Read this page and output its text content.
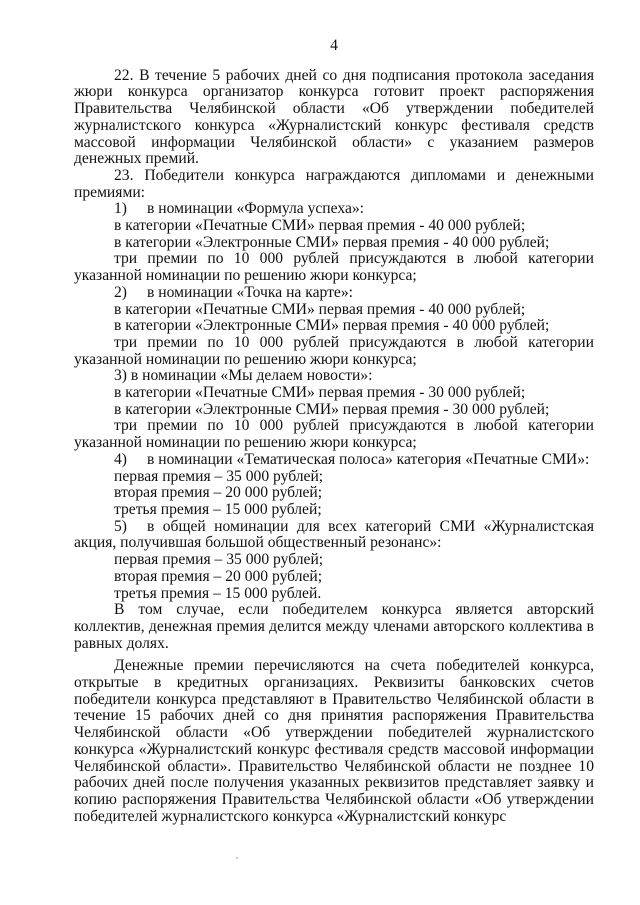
4

22. В течение 5 рабочих дней со дня подписания протокола заседания жюри конкурса организатор конкурса готовит проект распоряжения Правительства Челябинской области «Об утверждении победителей журналистского конкурса «Журналистский конкурс фестиваля средств массовой информации Челябинской области» с указанием размеров денежных премий.

23. Победители конкурса награждаются дипломами и денежными премиями:

1) в номинации «Формула успеха»:

в категории «Печатные СМИ» первая премия - 40 000 рублей;

в категории «Электронные СМИ» первая премия - 40 000 рублей;

три премии по 10 000 рублей присуждаются в любой категории указанной номинации по решению жюри конкурса;

2) в номинации «Точка на карте»:

в категории «Печатные СМИ» первая премия - 40 000 рублей;

в категории «Электронные СМИ» первая премия - 40 000 рублей;

три премии по 10 000 рублей присуждаются в любой категории указанной номинации по решению жюри конкурса;

3) в номинации «Мы делаем новости»:

в категории «Печатные СМИ» первая премия - 30 000 рублей;

в категории «Электронные СМИ» первая премия - 30 000 рублей;

три премии по 10 000 рублей присуждаются в любой категории указанной номинации по решению жюри конкурса;

4) в номинации «Тематическая полоса» категория «Печатные СМИ»:

первая премия – 35 000 рублей;

вторая премия – 20 000 рублей;

третья премия – 15 000 рублей;

5) в общей номинации для всех категорий СМИ «Журналистская акция, получившая большой общественный резонанс»:

первая премия – 35 000 рублей;

вторая премия – 20 000 рублей;

третья премия – 15 000 рублей.

В том случае, если победителем конкурса является авторский коллектив, денежная премия делится между членами авторского коллектива в равных долях.

Денежные премии перечисляются на счета победителей конкурса, открытые в кредитных организациях. Реквизиты банковских счетов победители конкурса представляют в Правительство Челябинской области в течение 15 рабочих дней со дня принятия распоряжения Правительства Челябинской области «Об утверждении победителей журналистского конкурса «Журналистский конкурс фестиваля средств массовой информации Челябинской области». Правительство Челябинской области не позднее 10 рабочих дней после получения указанных реквизитов представляет заявку и копию распоряжения Правительства Челябинской области «Об утверждении победителей журналистского конкурса «Журналистский конкурс
